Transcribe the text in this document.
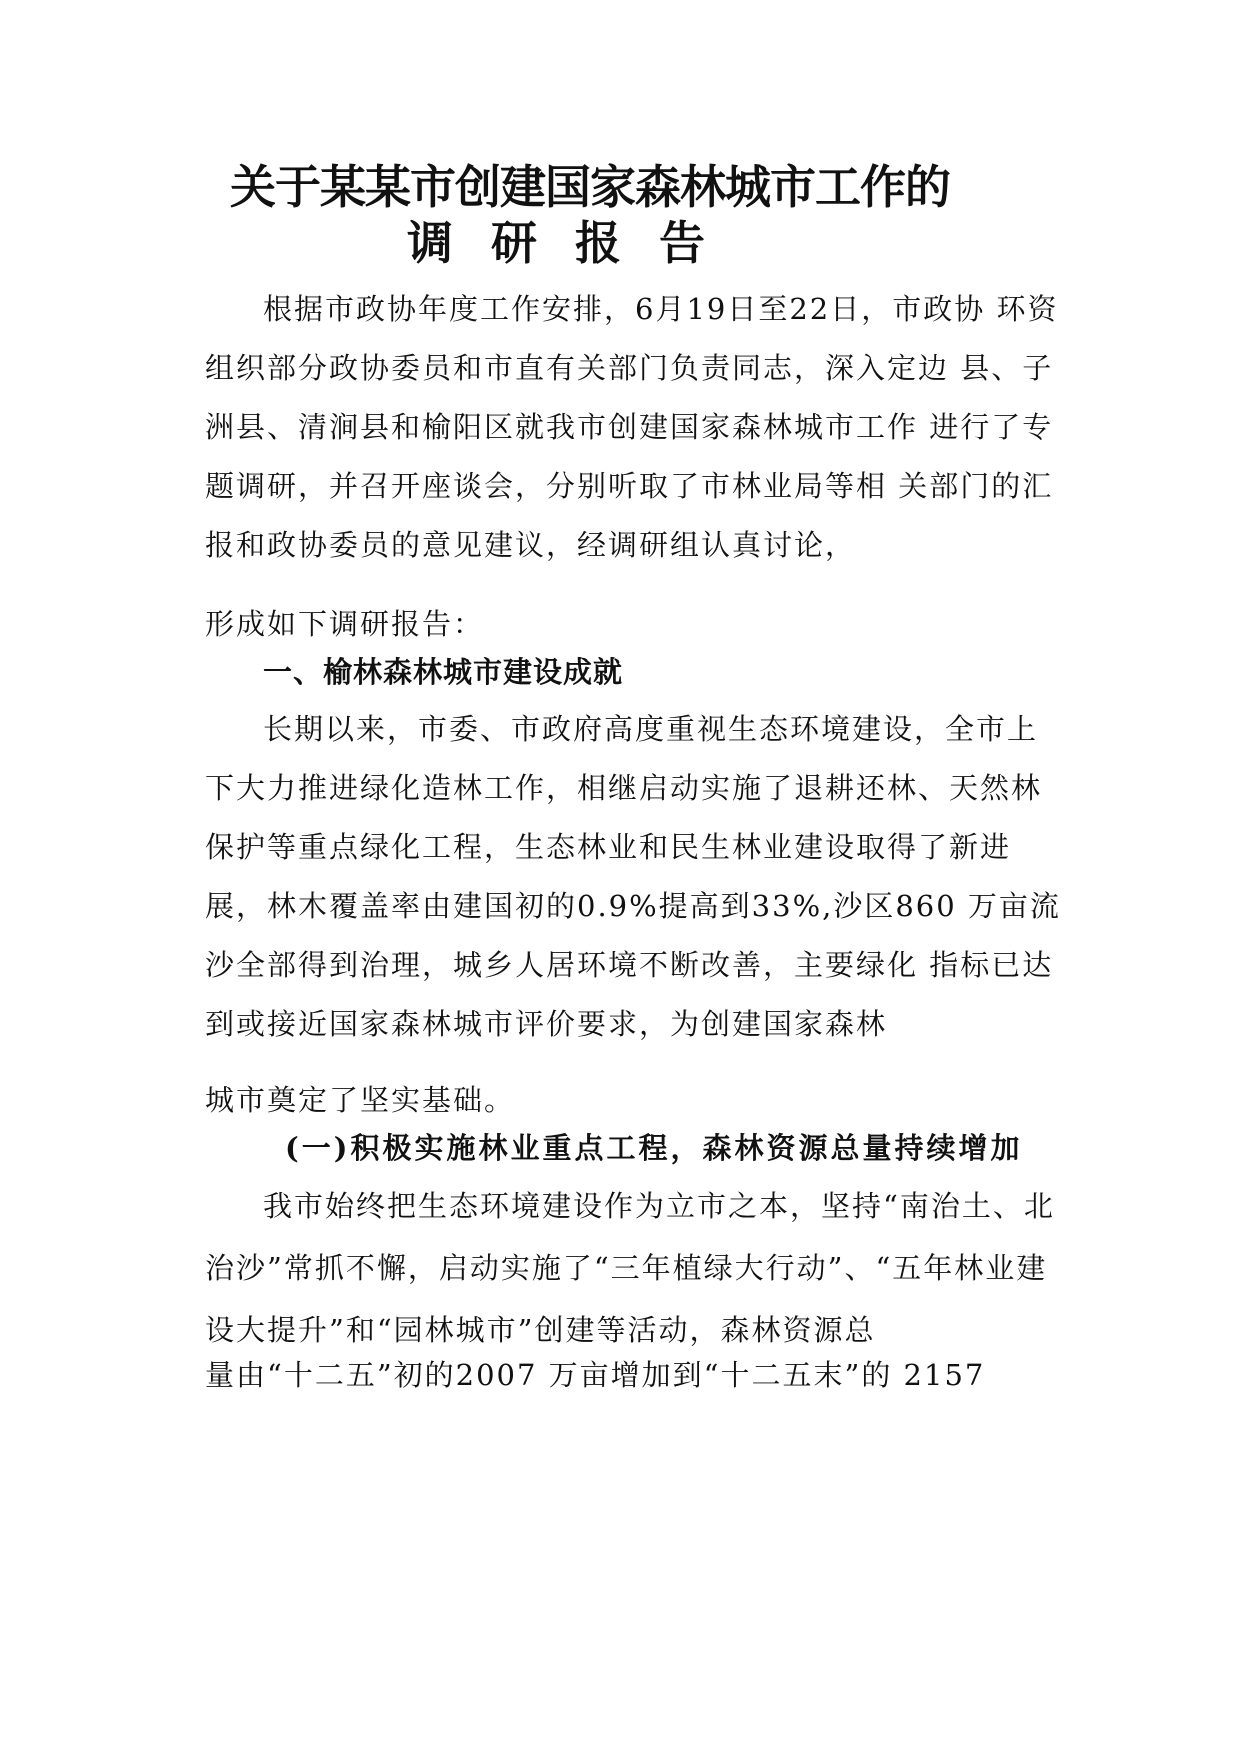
关于某某市创建国家森林城市工作的
调研报告

根据市政协年度工作安排，6月19日至22日，市政协 环资组织部分政协委员和市直有关部门负责同志，深入定边 县、子洲县、清涧县和榆阳区就我市创建国家森林城市工作 进行了专题调研，并召开座谈会，分别听取了市林业局等相 关部门的汇报和政协委员的意见建议，经调研组认真讨论，

形成如下调研报告：

一、榆林森林城市建设成就

长期以来，市委、市政府高度重视生态环境建设，全市上下大力推进绿化造林工作，相继启动实施了退耕还林、天然林保护等重点绿化工程，生态林业和民生林业建设取得了新进展，林木覆盖率由建国初的0.9%提高到33%,沙区860 万亩流沙全部得到治理，城乡人居环境不断改善，主要绿化 指标已达到或接近国家森林城市评价要求，为创建国家森林

城市奠定了坚实基础。

(一)积极实施林业重点工程，森林资源总量持续增加

我市始终把生态环境建设作为立市之本，坚持“南治土、北治沙”常抓不懈，启动实施了“三年植绿大行动”、“五年林业建设大提升”和“园林城市”创建等活动，森林资源总

量由“十二五”初的2007 万亩增加到“十二五末”的 2157
